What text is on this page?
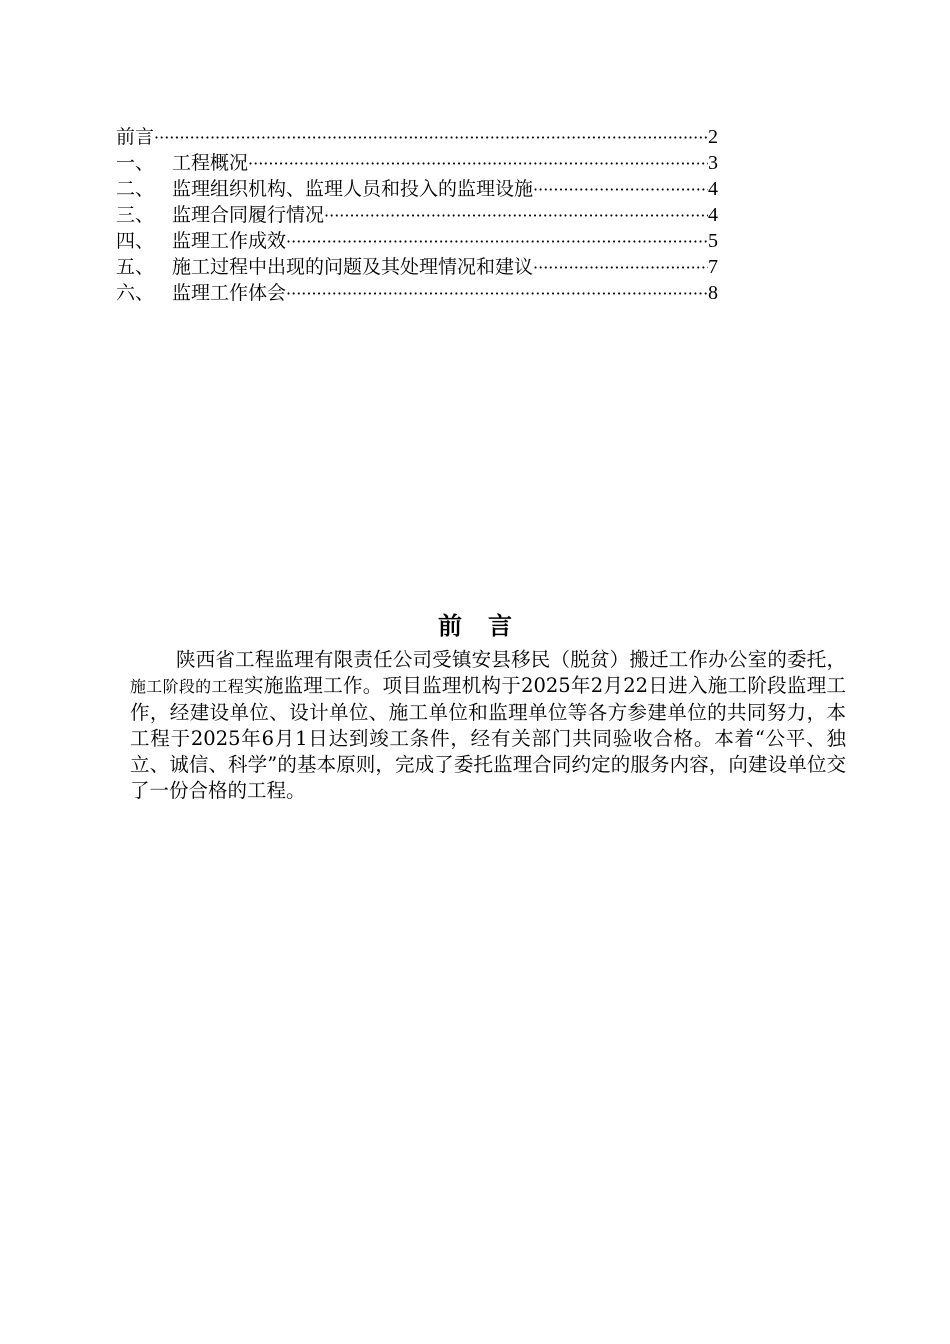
前言 ·····	2
一、 工程概况 ·····	3
二、 监理组织机构、监理人员和投入的监理设施 ·····	4
三、 监理合同履行情况 ·····	4
四、 监理工作成效 ·····	5
五、 施工过程中出现的问题及其处理情况和建议 ·····	7
六、 监理工作体会 ·····	8
前言
陕西省工程监理有限责任公司受镇安县移民（脱贫）搬迁工作办公室的委托，施工阶段的工程实施监理工作。项目监理机构于2025年2月22日进入施工阶段监理工作，经建设单位、设计单位、施工单位和监理单位等各方参建单位的共同努力，本工程于2025年6月1日达到竣工条件，经有关部门共同验收合格。本着“公平、独立、诚信、科学”的基本原则，完成了委托监理合同约定的服务内容，向建设单位交了一份合格的工程。
